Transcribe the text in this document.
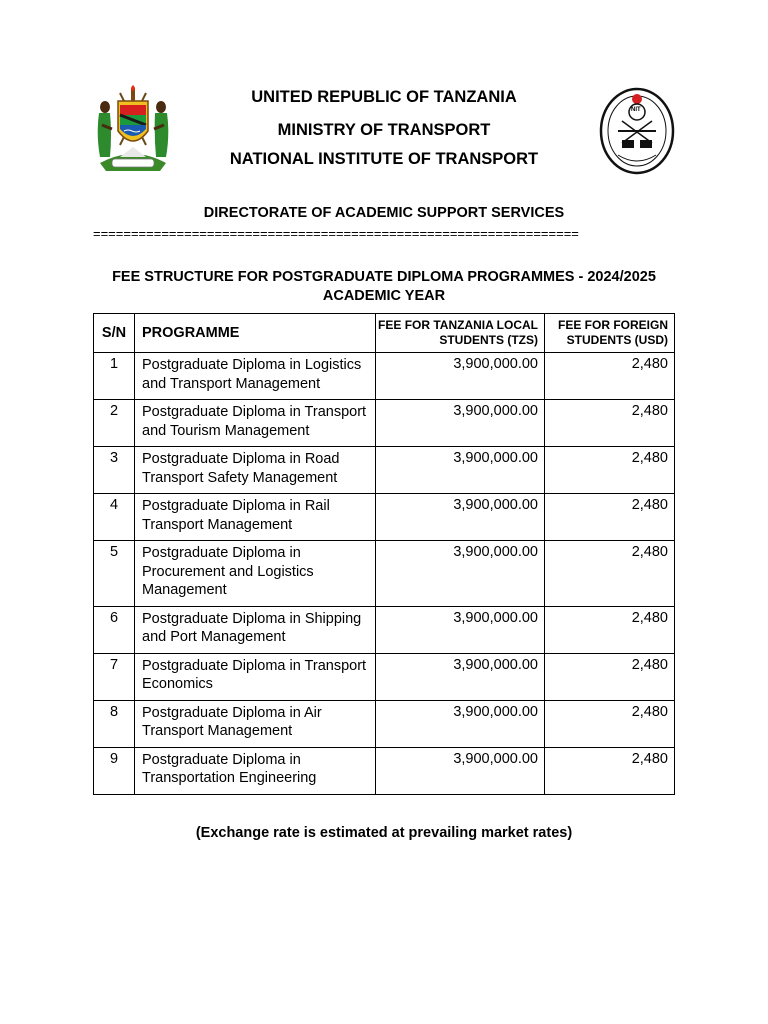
NIT
UNITED REPUBLIC OF TANZANIA
MINISTRY OF TRANSPORT
NATIONAL INSTITUTE OF TRANSPORT
DIRECTORATE OF ACADEMIC SUPPORT SERVICES
================================================================
FEE STRUCTURE FOR POSTGRADUATE DIPLOMA PROGRAMMES - 2024/2025 ACADEMIC YEAR
S/N	PROGRAMME	FEE FOR TANZANIA LOCAL STUDENTS (TZS)	FEE FOR FOREIGN STUDENTS (USD)
1	Postgraduate Diploma in Logistics and Transport Management	3,900,000.00	2,480
2	Postgraduate Diploma in Transport and Tourism Management	3,900,000.00	2,480
3	Postgraduate Diploma in Road Transport Safety Management	3,900,000.00	2,480
4	Postgraduate Diploma in Rail Transport Management	3,900,000.00	2,480
5	Postgraduate Diploma in Procurement and Logistics Management	3,900,000.00	2,480
6	Postgraduate Diploma in Shipping and Port Management	3,900,000.00	2,480
7	Postgraduate Diploma in Transport Economics	3,900,000.00	2,480
8	Postgraduate Diploma in Air Transport Management	3,900,000.00	2,480
9	Postgraduate Diploma in Transportation Engineering	3,900,000.00	2,480
(Exchange rate is estimated at prevailing market rates)
